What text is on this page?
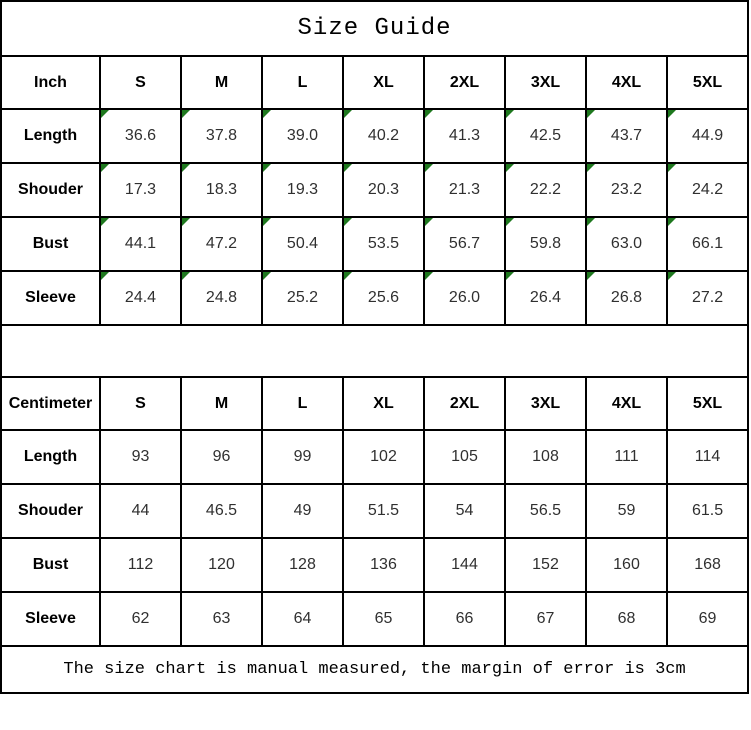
Size Guide								
Inch	S	M	L	XL	2XL	3XL	4XL	5XL
Length	36.6	37.8	39.0	40.2	41.3	42.5	43.7	44.9
Shouder	17.3	18.3	19.3	20.3	21.3	22.2	23.2	24.2
Bust	44.1	47.2	50.4	53.5	56.7	59.8	63.0	66.1
Sleeve	24.4	24.8	25.2	25.6	26.0	26.4	26.8	27.2

Centimeter	S	M	L	XL	2XL	3XL	4XL	5XL
Length	93	96	99	102	105	108	111	114
Shouder	44	46.5	49	51.5	54	56.5	59	61.5
Bust	112	120	128	136	144	152	160	168
Sleeve	62	63	64	65	66	67	68	69
The size chart is manual measured, the margin of error is 3cm								
